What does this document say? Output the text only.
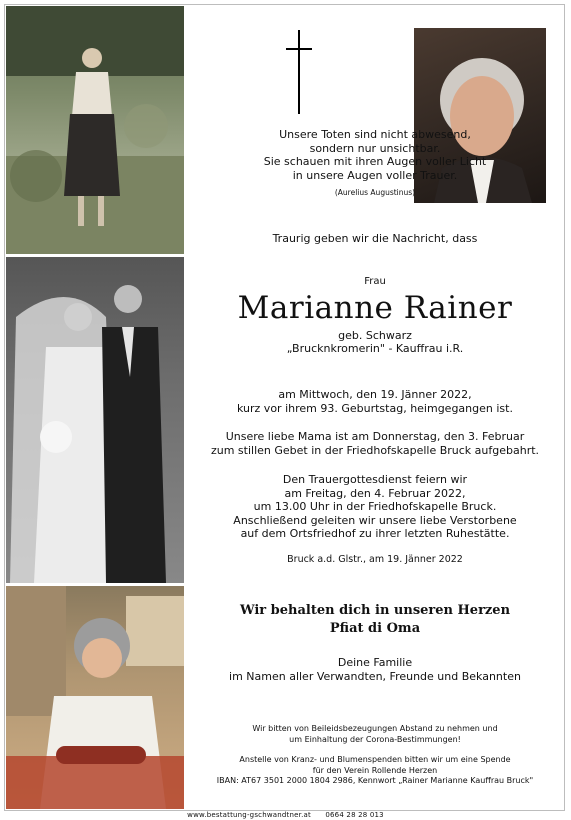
Unsere Toten sind nicht abwesend,
sondern nur unsichtbar.
Sie schauen mit ihren Augen voller Licht
in unsere Augen voller Trauer.
(Aurelius Augustinus)
Traurig geben wir die Nachricht, dass
Frau
Marianne Rainer
geb. Schwarz
„Brucknkromerin" - Kauffrau i.R.
am Mittwoch, den 19. Jänner 2022,
kurz vor ihrem 93. Geburtstag, heimgegangen ist.
Unsere liebe Mama ist am Donnerstag, den 3. Februar
zum stillen Gebet in der Friedhofskapelle Bruck aufgebahrt.
Den Trauergottesdienst feiern wir
am Freitag, den 4. Februar 2022,
um 13.00 Uhr in der Friedhofskapelle Bruck.
Anschließend geleiten wir unsere liebe Verstorbene
auf dem Ortsfriedhof zu ihrer letzten Ruhestätte.
Bruck a.d. Glstr., am 19. Jänner 2022
Wir behalten dich in unseren Herzen
Pfiat di Oma
Deine Familie
im Namen aller Verwandten, Freunde und Bekannten
Wir bitten von Beileidsbezeugungen Abstand zu nehmen und
um Einhaltung der Corona-Bestimmungen!
Anstelle von Kranz- und Blumenspenden bitten wir um eine Spende
für den Verein Rollende Herzen
IBAN: AT67 3501 2000 1804 2986, Kennwort „Rainer Marianne Kauffrau Bruck"
www.bestattung-gschwandtner.at 0664 28 28 013
